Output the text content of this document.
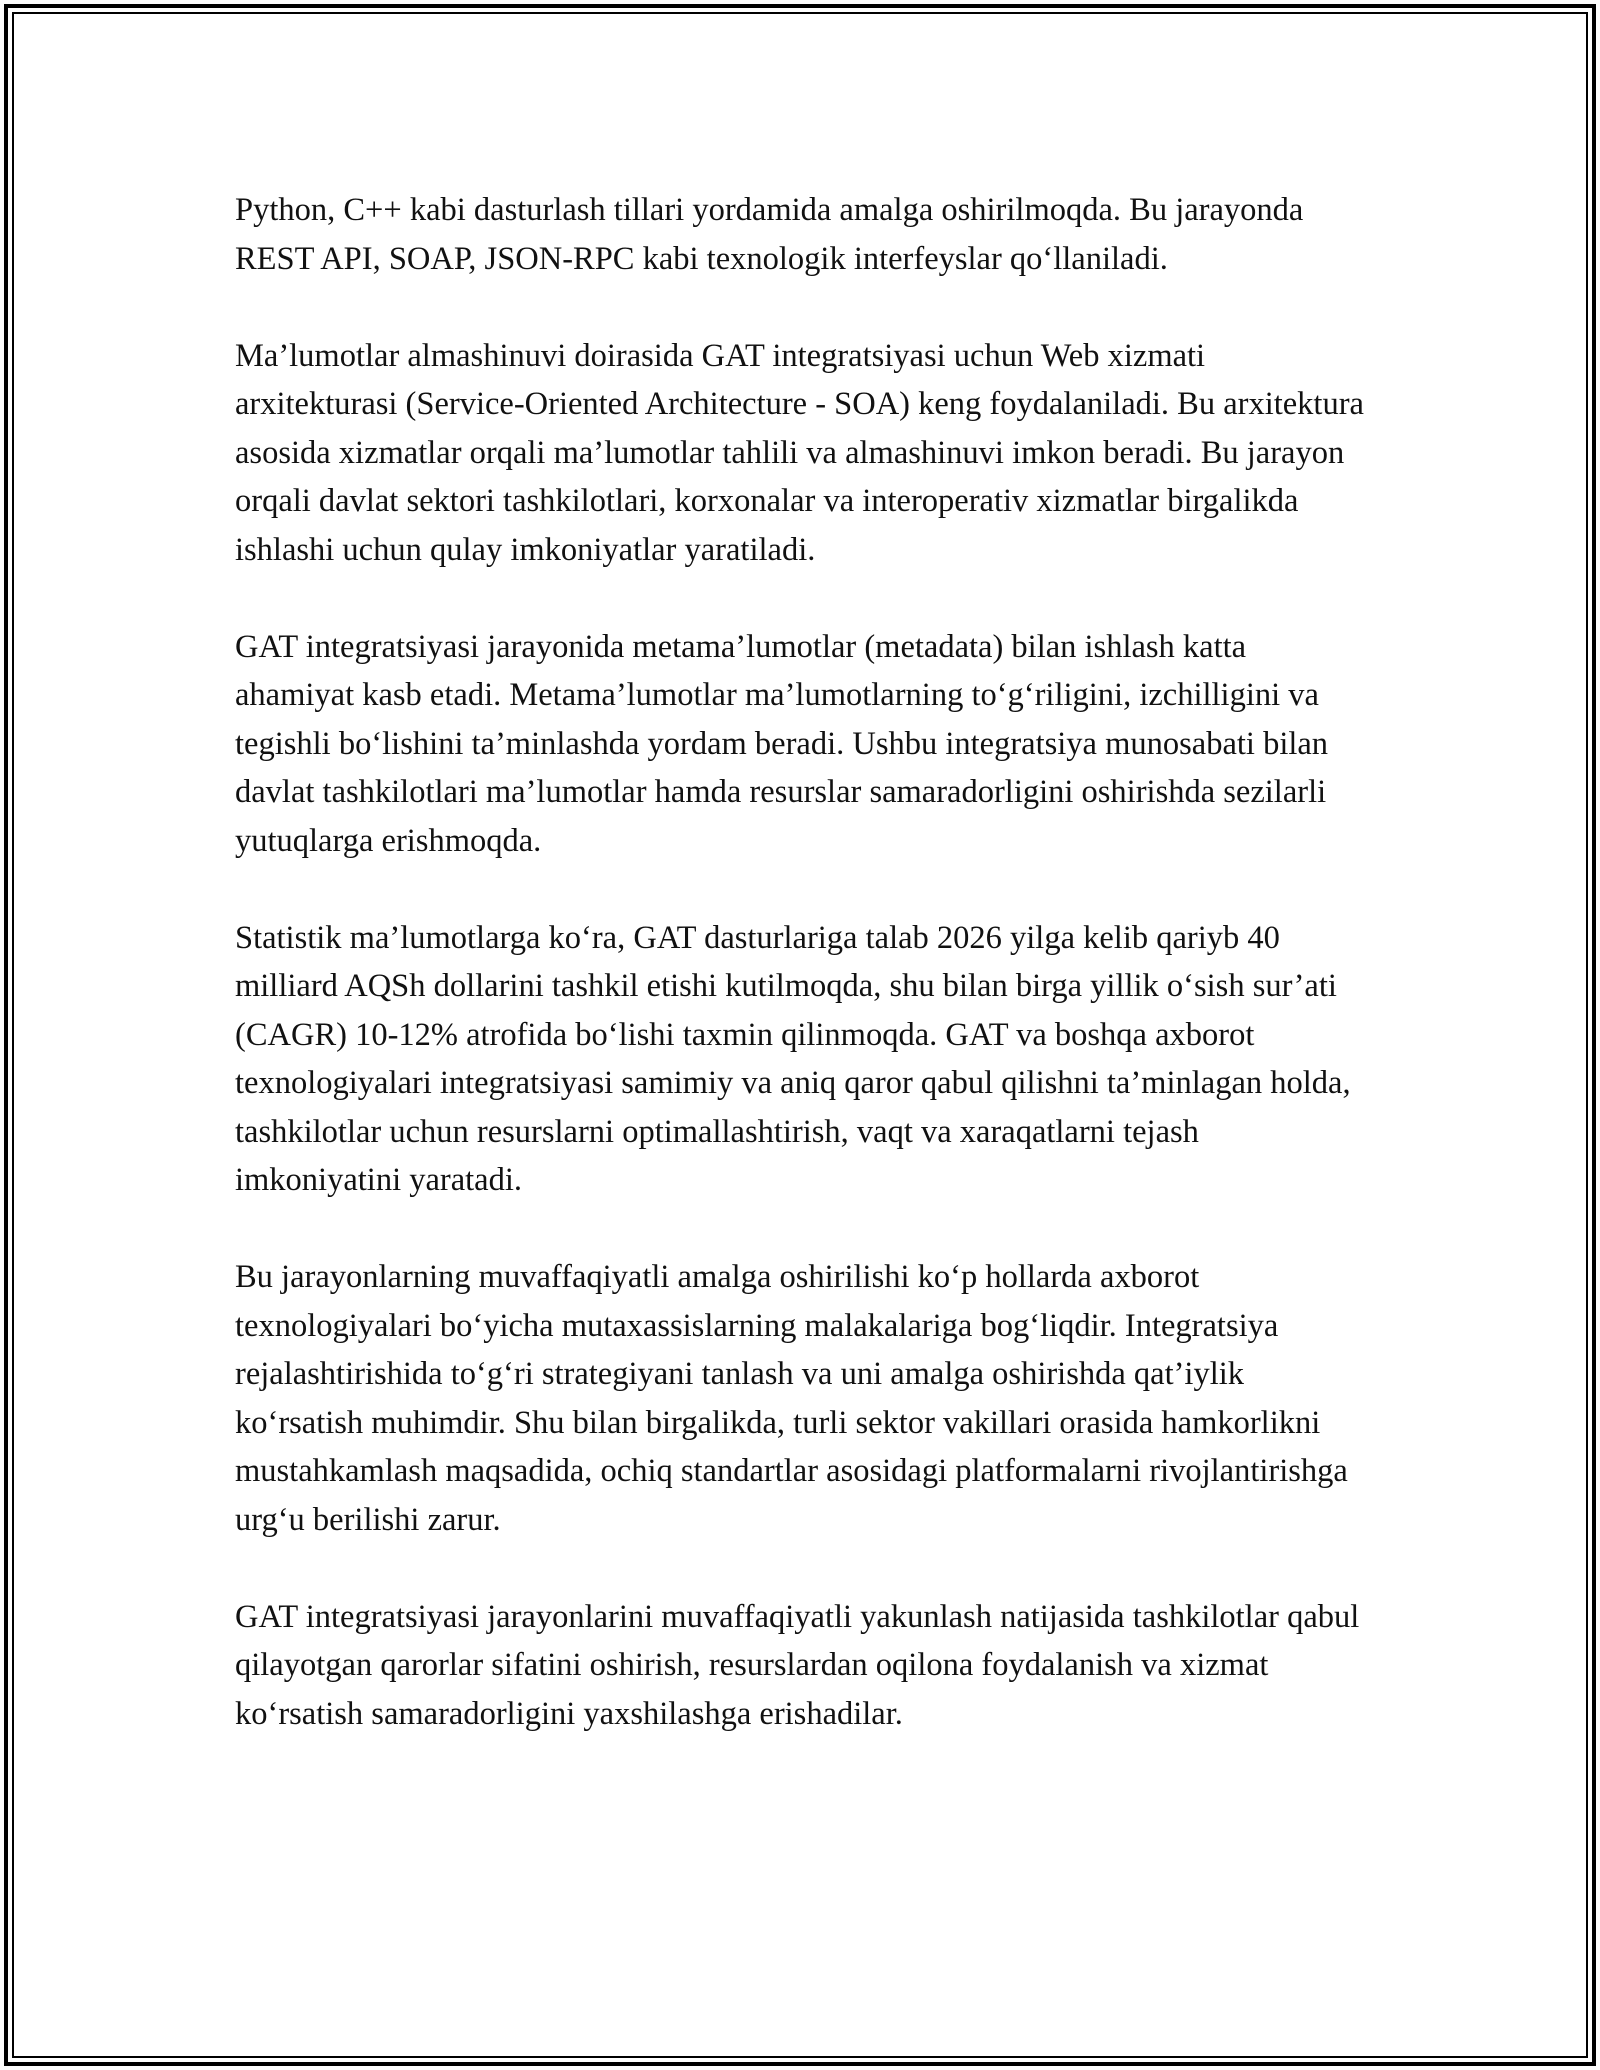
Python, C++ kabi dasturlash tillari yordamida amalga oshirilmoqda. Bu jarayonda REST API, SOAP, JSON-RPC kabi texnologik interfeyslar qo‘llaniladi.

Ma’lumotlar almashinuvi doirasida GAT integratsiyasi uchun Web xizmati arxitekturasi (Service-Oriented Architecture - SOA) keng foydalaniladi. Bu arxitektura asosida xizmatlar orqali ma’lumotlar tahlili va almashinuvi imkon beradi. Bu jarayon orqali davlat sektori tashkilotlari, korxonalar va interoperativ xizmatlar birgalikda ishlashi uchun qulay imkoniyatlar yaratiladi.

GAT integratsiyasi jarayonida metama’lumotlar (metadata) bilan ishlash katta ahamiyat kasb etadi. Metama’lumotlar ma’lumotlarning to‘g‘riligini, izchilligini va tegishli bo‘lishini ta’minlashda yordam beradi. Ushbu integratsiya munosabati bilan davlat tashkilotlari ma’lumotlar hamda resurslar samaradorligini oshirishda sezilarli yutuqlarga erishmoqda.

Statistik ma’lumotlarga ko‘ra, GAT dasturlariga talab 2026 yilga kelib qariyb 40 milliard AQSh dollarini tashkil etishi kutilmoqda, shu bilan birga yillik o‘sish sur’ati (CAGR) 10-12% atrofida bo‘lishi taxmin qilinmoqda. GAT va boshqa axborot texnologiyalari integratsiyasi samimiy va aniq qaror qabul qilishni ta’minlagan holda, tashkilotlar uchun resurslarni optimallashtirish, vaqt va xaraqatlarni tejash imkoniyatini yaratadi.

Bu jarayonlarning muvaffaqiyatli amalga oshirilishi ko‘p hollarda axborot texnologiyalari bo‘yicha mutaxassislarning malakalariga bog‘liqdir. Integratsiya rejalashtirishida to‘g‘ri strategiyani tanlash va uni amalga oshirishda qat’iylik ko‘rsatish muhimdir. Shu bilan birgalikda, turli sektor vakillari orasida hamkorlikni mustahkamlash maqsadida, ochiq standartlar asosidagi platformalarni rivojlantirishga urg‘u berilishi zarur.

GAT integratsiyasi jarayonlarini muvaffaqiyatli yakunlash natijasida tashkilotlar qabul qilayotgan qarorlar sifatini oshirish, resurslardan oqilona foydalanish va xizmat ko‘rsatish samaradorligini yaxshilashga erishadilar.
